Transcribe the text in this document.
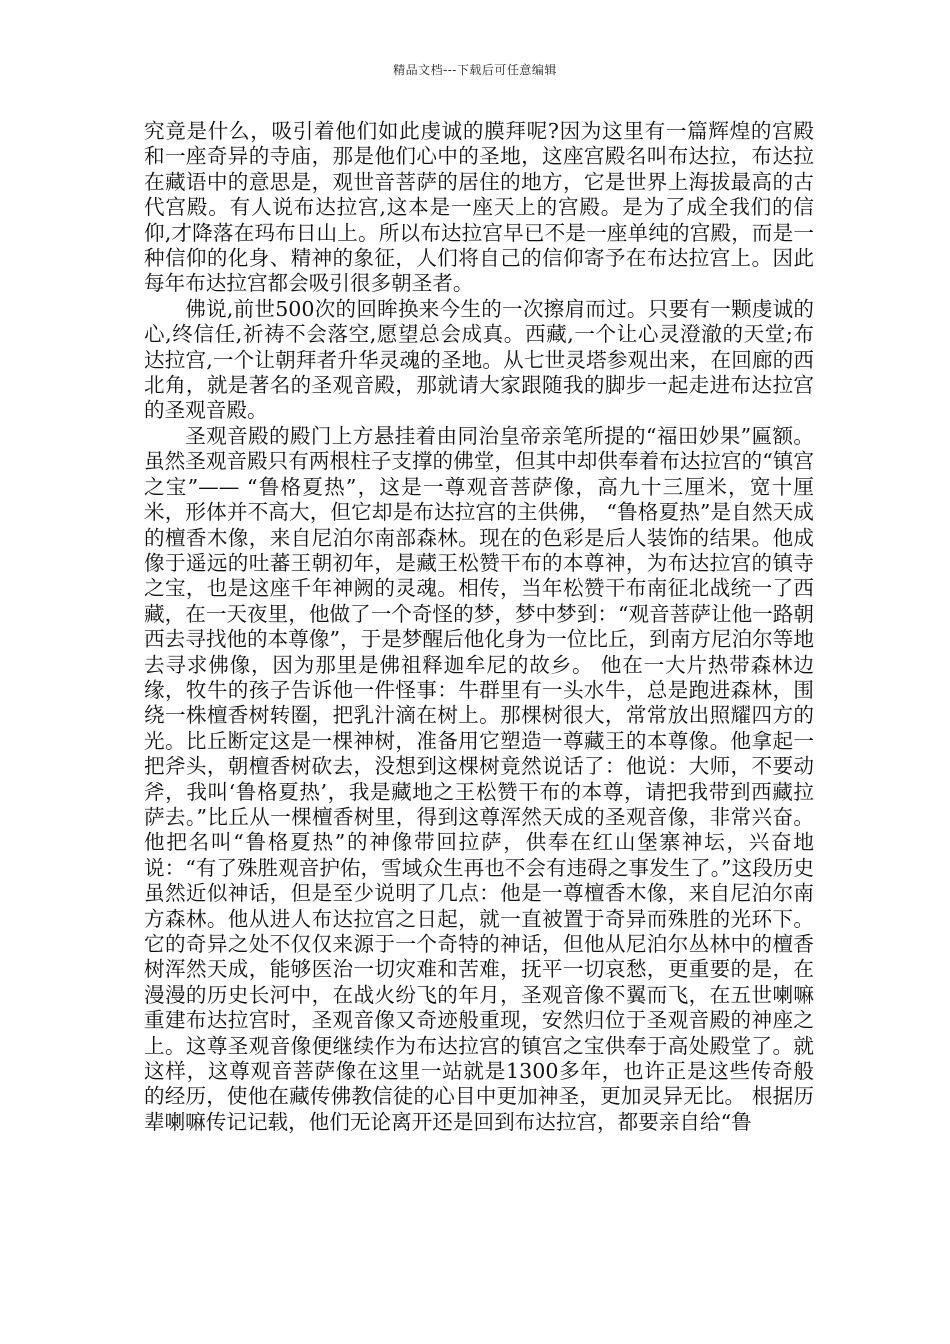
精品文档---下载后可任意编辑

究竟是什么，吸引着他们如此虔诚的膜拜呢?因为这里有一篇辉煌的宫殿和一座奇异的寺庙，那是他们心中的圣地，这座宫殿名叫布达拉，布达拉在藏语中的意思是，观世音菩萨的居住的地方，它是世界上海拔最高的古代宫殿。有人说布达拉宫,这本是一座天上的宫殿。是为了成全我们的信仰,才降落在玛布日山上。所以布达拉宫早已不是一座单纯的宫殿，而是一种信仰的化身、精神的象征，人们将自己的信仰寄予在布达拉宫上。因此每年布达拉宫都会吸引很多朝圣者。

佛说,前世500次的回眸换来今生的一次擦肩而过。只要有一颗虔诚的心,终信任,祈祷不会落空,愿望总会成真。西藏,一个让心灵澄澈的天堂;布达拉宫,一个让朝拜者升华灵魂的圣地。从七世灵塔参观出来，在回廊的西北角，就是著名的圣观音殿，那就请大家跟随我的脚步一起走进布达拉宫的圣观音殿。

圣观音殿的殿门上方悬挂着由同治皇帝亲笔所提的“福田妙果”匾额。虽然圣观音殿只有两根柱子支撑的佛堂，但其中却供奉着布达拉宫的“镇宫之宝”—— “鲁格夏热”，这是一尊观音菩萨像，高九十三厘米，宽十厘米，形体并不高大，但它却是布达拉宫的主供佛， “鲁格夏热”是自然天成的檀香木像，来自尼泊尔南部森林。现在的色彩是后人装饰的结果。他成像于遥远的吐蕃王朝初年，是藏王松赞干布的本尊神，为布达拉宫的镇寺之宝，也是这座千年神阙的灵魂。相传，当年松赞干布南征北战统一了西藏，在一天夜里，他做了一个奇怪的梦，梦中梦到：“观音菩萨让他一路朝西去寻找他的本尊像”，于是梦醒后他化身为一位比丘，到南方尼泊尔等地去寻求佛像，因为那里是佛祖释迦牟尼的故乡。 他在一大片热带森林边缘，牧牛的孩子告诉他一件怪事：牛群里有一头水牛，总是跑进森林，围绕一株檀香树转圈，把乳汁滴在树上。那棵树很大，常常放出照耀四方的光。比丘断定这是一棵神树，准备用它塑造一尊藏王的本尊像。他拿起一把斧头，朝檀香树砍去，没想到这棵树竟然说话了：他说：大师，不要动斧，我叫‘鲁格夏热’，我是藏地之王松赞干布的本尊，请把我带到西藏拉萨去。”比丘从一棵檀香树里，得到这尊浑然天成的圣观音像，非常兴奋。他把名叫“鲁格夏热”的神像带回拉萨，供奉在红山堡寨神坛，兴奋地说：“有了殊胜观音护佑，雪域众生再也不会有违碍之事发生了。”这段历史虽然近似神话，但是至少说明了几点：他是一尊檀香木像，来自尼泊尔南方森林。他从进人布达拉宫之日起，就一直被置于奇异而殊胜的光环下。它的奇异之处不仅仅来源于一个奇特的神话，但他从尼泊尔丛林中的檀香树浑然天成，能够医治一切灾难和苦难，抚平一切哀愁，更重要的是，在漫漫的历史长河中，在战火纷飞的年月，圣观音像不翼而飞，在五世喇嘛重建布达拉宫时，圣观音像又奇迹般重现，安然归位于圣观音殿的神座之上。这尊圣观音像便继续作为布达拉宫的镇宫之宝供奉于高处殿堂了。就这样，这尊观音菩萨像在这里一站就是1300多年，也许正是这些传奇般的经历，使他在藏传佛教信徒的心目中更加神圣，更加灵异无比。 根据历辈喇嘛传记记载，他们无论离开还是回到布达拉宫，都要亲自给“鲁
